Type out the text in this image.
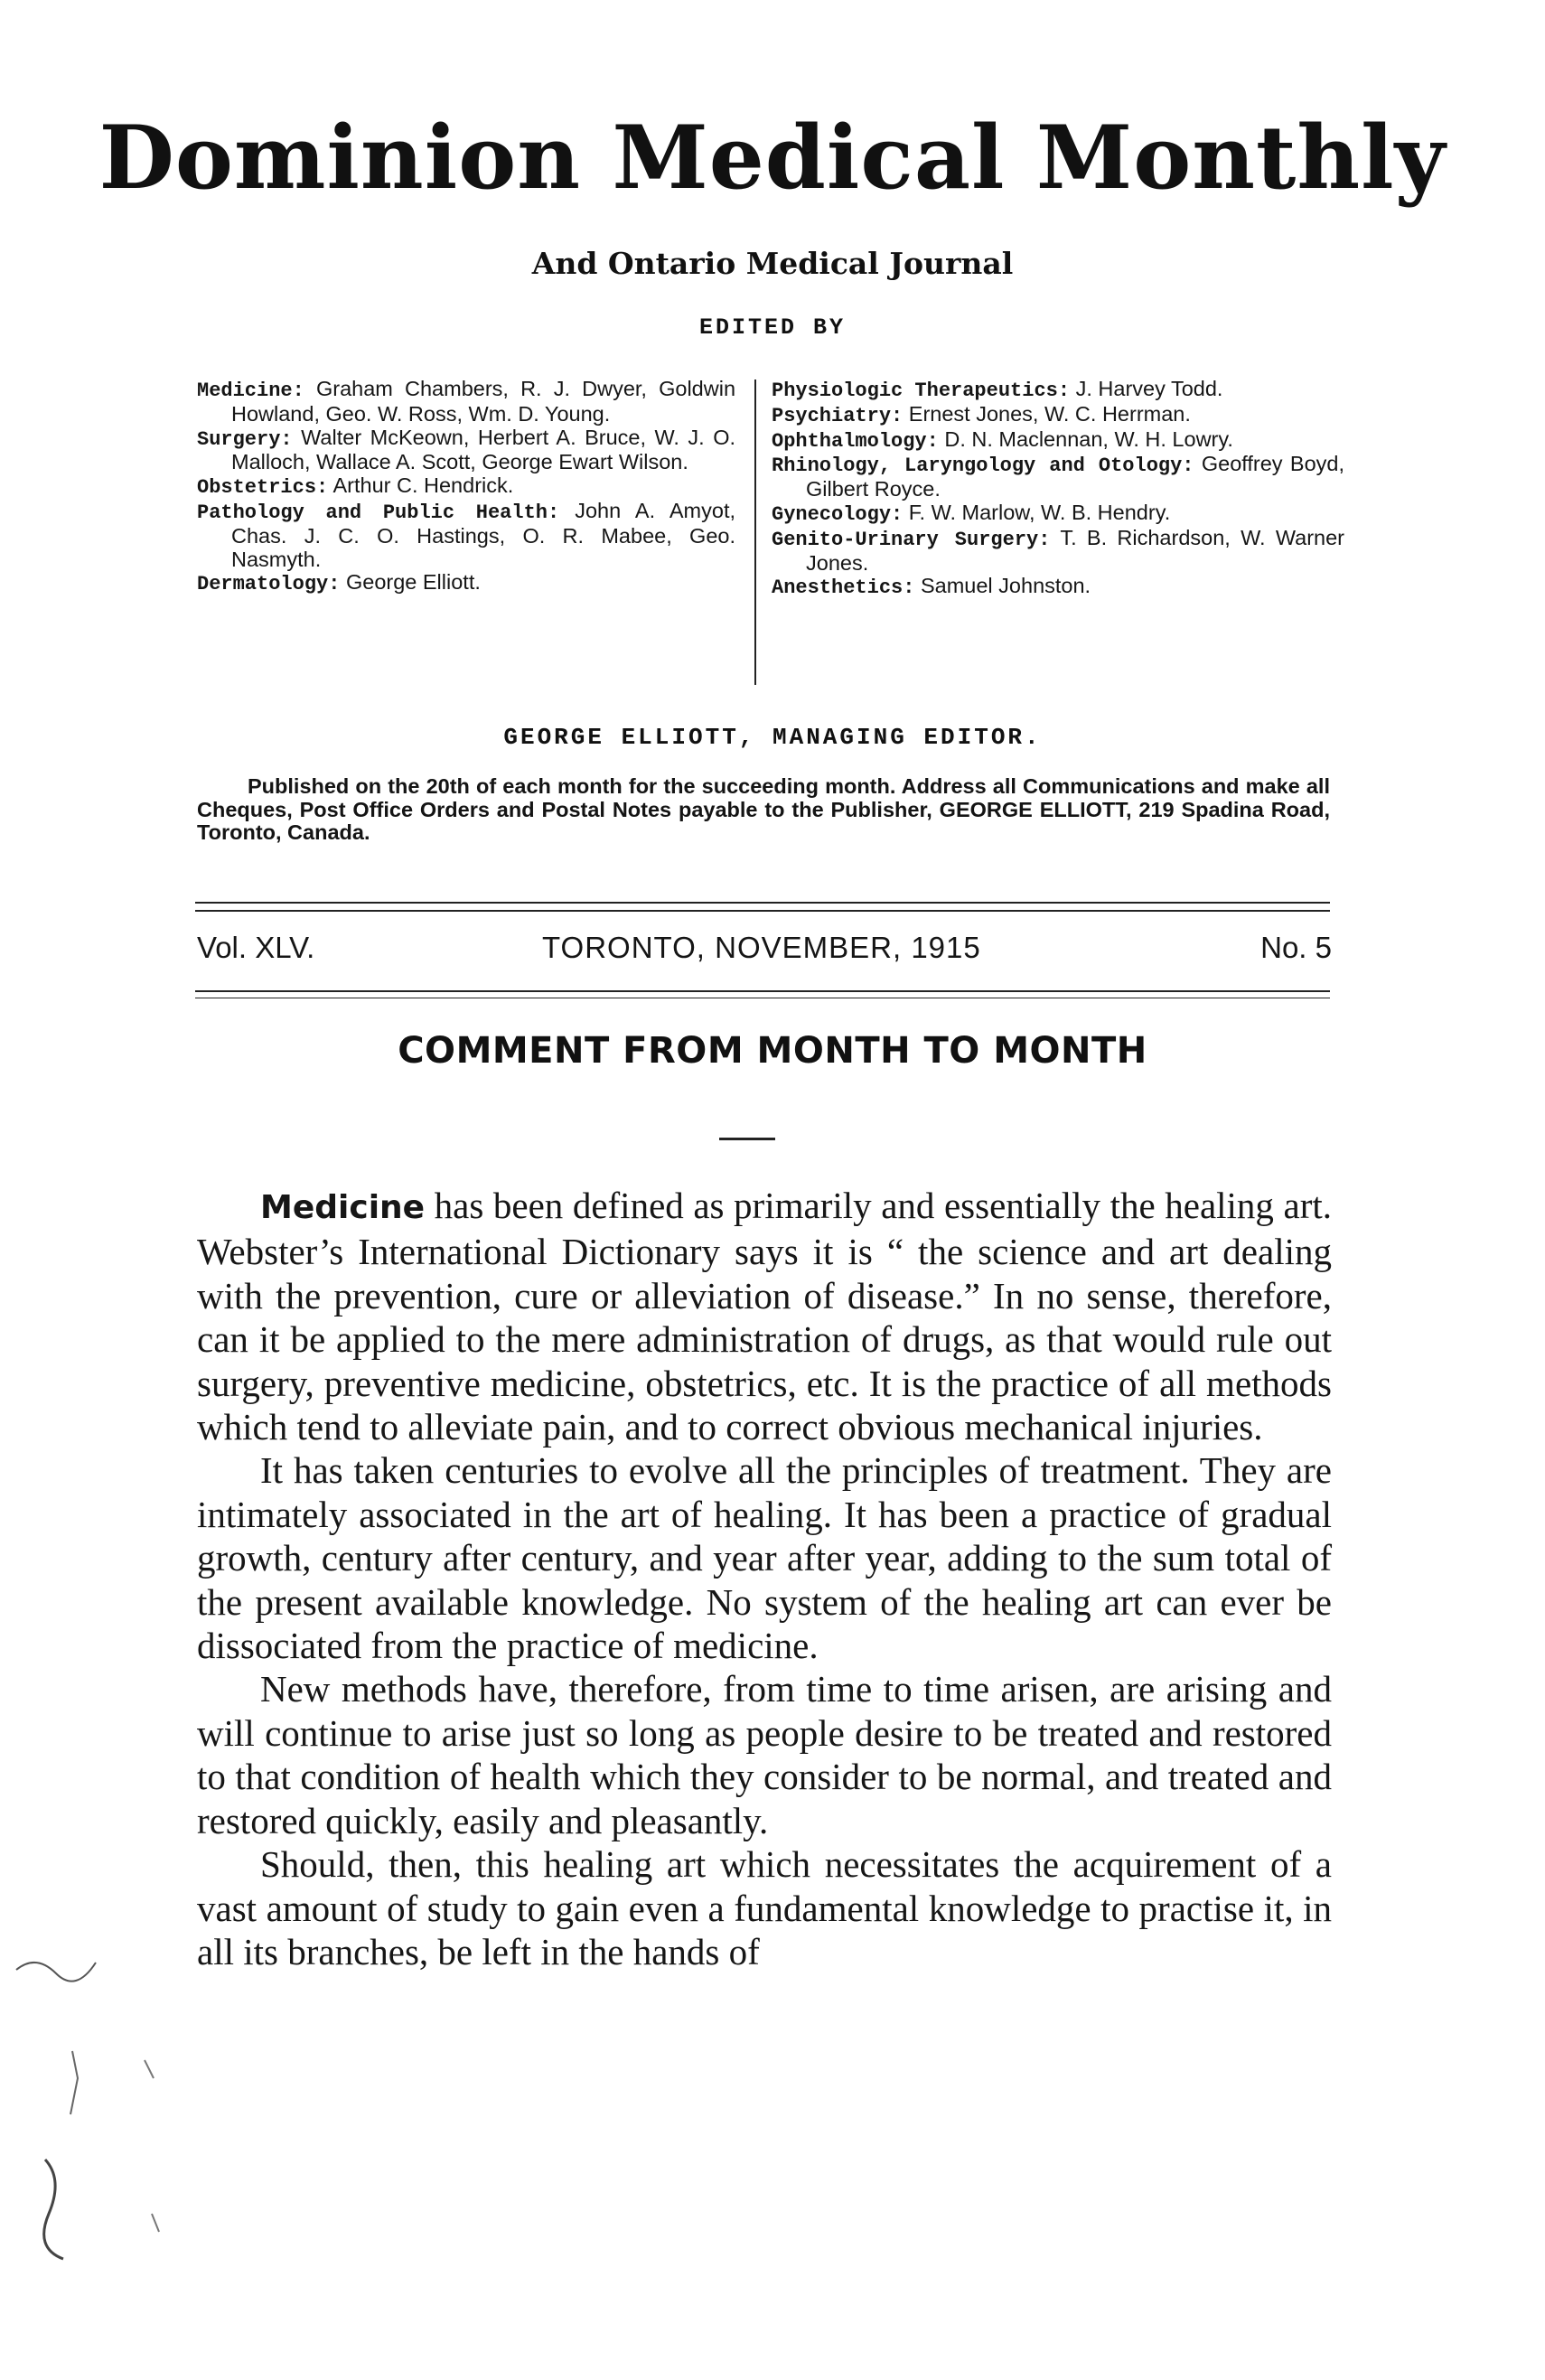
Dominion Medical Monthly
And Ontario Medical Journal
EDITED BY
Medicine: Graham Chambers, R. J. Dwyer, Goldwin Howland, Geo. W. Ross, Wm. D. Young.
Surgery: Walter McKeown, Herbert A. Bruce, W. J. O. Malloch, Wallace A. Scott, George Ewart Wilson.
Obstetrics: Arthur C. Hendrick.
Pathology and Public Health: John A. Amyot, Chas. J. C. O. Hastings, O. R. Mabee, Geo. Nasmyth.
Dermatology: George Elliott.
Physiologic Therapeutics: J. Harvey Todd.
Psychiatry: Ernest Jones, W. C. Herrman.
Ophthalmology: D. N. Maclennan, W. H. Lowry.
Rhinology, Laryngology and Otology: Geoffrey Boyd, Gilbert Royce.
Gynecology: F. W. Marlow, W. B. Hendry.
Genito-Urinary Surgery: T. B. Richardson, W. Warner Jones.
Anesthetics: Samuel Johnston.
GEORGE ELLIOTT, MANAGING EDITOR.
Published on the 20th of each month for the succeeding month. Address all Communications and make all Cheques, Post Office Orders and Postal Notes payable to the Publisher, GEORGE ELLIOTT, 219 Spadina Road, Toronto, Canada.
Vol. XLV.	TORONTO, NOVEMBER, 1915	No. 5
COMMENT FROM MONTH TO MONTH

Medicine has been defined as primarily and essentially the healing art. Webster’s International Dictionary says it is “ the science and art dealing with the prevention, cure or alleviation of disease.” In no sense, therefore, can it be applied to the mere administration of drugs, as that would rule out surgery, preventive medicine, obstetrics, etc. It is the practice of all methods which tend to alleviate pain, and to correct obvious mechanical injuries.

It has taken centuries to evolve all the principles of treatment. They are intimately associated in the art of healing. It has been a practice of gradual growth, century after century, and year after year, adding to the sum total of the present available knowledge. No system of the healing art can ever be dissociated from the practice of medicine.

New methods have, therefore, from time to time arisen, are arising and will continue to arise just so long as people desire to be treated and restored to that condition of health which they consider to be normal, and treated and restored quickly, easily and pleasantly.

Should, then, this healing art which necessitates the acquirement of a vast amount of study to gain even a fundamental knowledge to practise it, in all its branches, be left in the hands of
